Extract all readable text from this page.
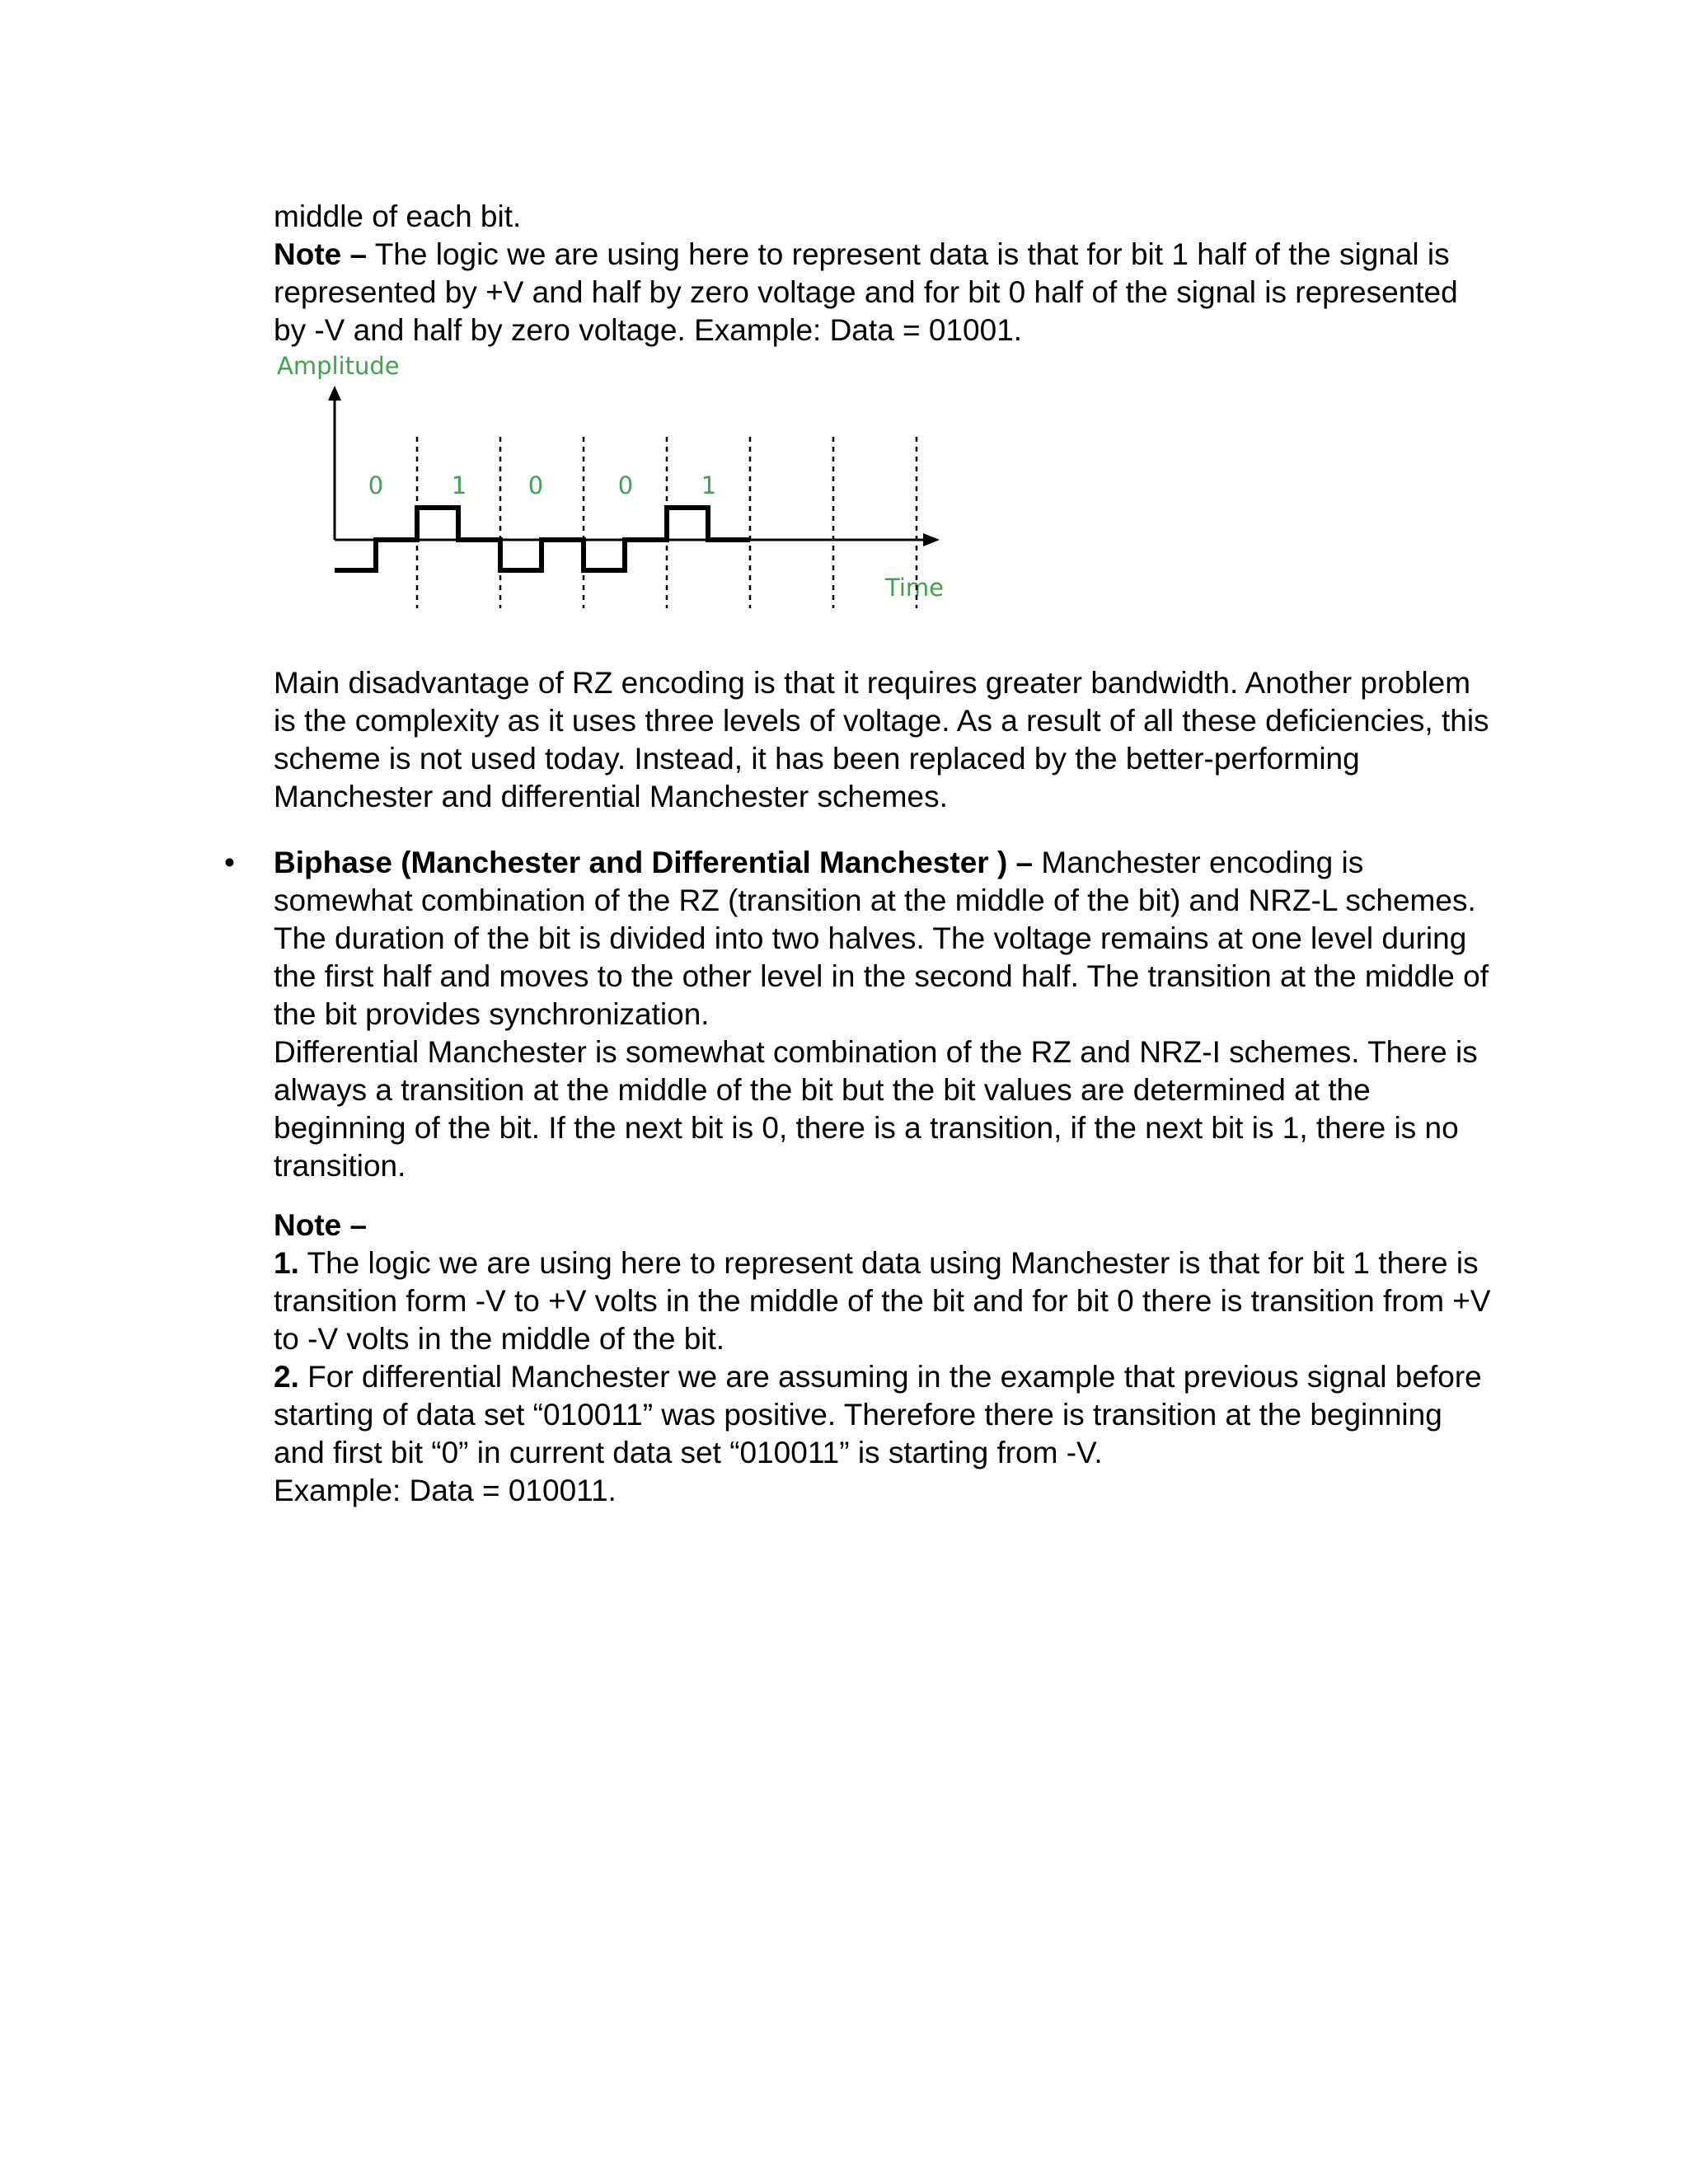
middle of each bit.

Note – The logic we are using here to represent data is that for bit 1 half of the signal is represented by +V and half by zero voltage and for bit 0 half of the signal is represented by -V and half by zero voltage. Example: Data = 01001.

Amplitude
Time
0	1	0	0	1

Main disadvantage of RZ encoding is that it requires greater bandwidth. Another problem is the complexity as it uses three levels of voltage. As a result of all these deficiencies, this scheme is not used today. Instead, it has been replaced by the better-performing Manchester and differential Manchester schemes.

• Biphase (Manchester and Differential Manchester ) – Manchester encoding is somewhat combination of the RZ (transition at the middle of the bit) and NRZ-L schemes. The duration of the bit is divided into two halves. The voltage remains at one level during the first half and moves to the other level in the second half. The transition at the middle of the bit provides synchronization.

Differential Manchester is somewhat combination of the RZ and NRZ-I schemes. There is always a transition at the middle of the bit but the bit values are determined at the beginning of the bit. If the next bit is 0, there is a transition, if the next bit is 1, there is no transition.

Note –

1. The logic we are using here to represent data using Manchester is that for bit 1 there is transition form -V to +V volts in the middle of the bit and for bit 0 there is transition from +V to -V volts in the middle of the bit.

2. For differential Manchester we are assuming in the example that previous signal before starting of data set “010011” was positive. Therefore there is transition at the beginning and first bit “0” in current data set “010011” is starting from -V.

Example: Data = 010011.
